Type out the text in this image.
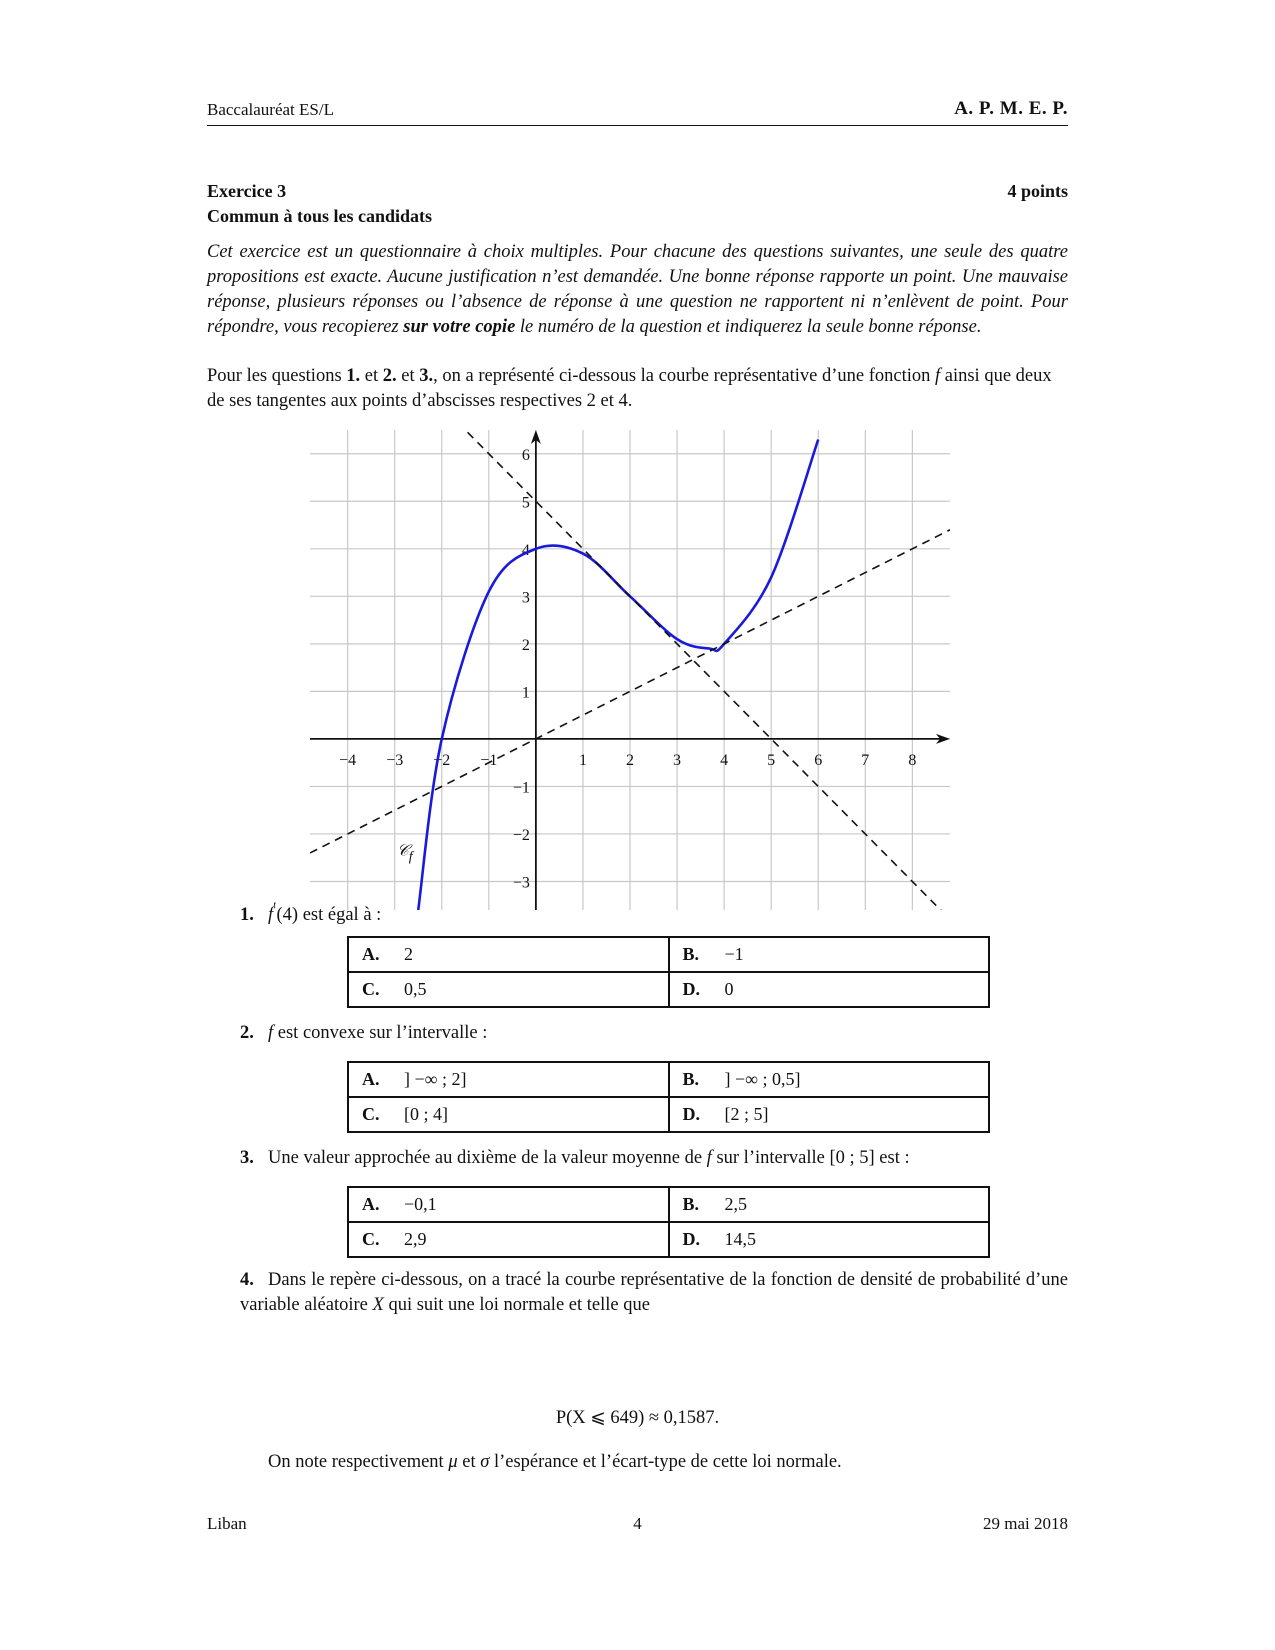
Baccalauréat ES/L	A. P. M. E. P.
Exercice 3	4 points
Commun à tous les candidats
Cet exercice est un questionnaire à choix multiples. Pour chacune des questions suivantes, une seule des quatre propositions est exacte. Aucune justification n’est demandée. Une bonne réponse rapporte un point. Une mauvaise réponse, plusieurs réponses ou l’absence de réponse à une question ne rapportent ni n’enlèvent de point. Pour répondre, vous recopierez sur votre copie le numéro de la question et indiquerez la seule bonne réponse.
Pour les questions 1. et 2. et 3., on a représenté ci-dessous la courbe représentative d’une fonction f ainsi que deux de ses tangentes aux points d’abscisses respectives 2 et 4.
−4 −3 −2 −1	1 2 3 4 5 6 7 8
−3
−2
−1
1
2
3
4
5
6
𝒞f
1. f′(4) est égal à :
A. 2	B. −1
C. 0,5	D. 0
2. f est convexe sur l’intervalle :
A. ] −∞ ; 2]	B. ] −∞ ; 0,5]
C. [0 ; 4]	D. [2 ; 5]
3. Une valeur approchée au dixième de la valeur moyenne de f sur l’intervalle [0 ; 5] est :
A. −0,1	B. 2,5
C. 2,9	D. 14,5
4. Dans le repère ci-dessous, on a tracé la courbe représentative de la fonction de densité de probabilité d’une variable aléatoire X qui suit une loi normale et telle que
P(X ⩽ 649) ≈ 0,1587.
On note respectivement μ et σ l’espérance et l’écart-type de cette loi normale.
Liban	4	29 mai 2018
